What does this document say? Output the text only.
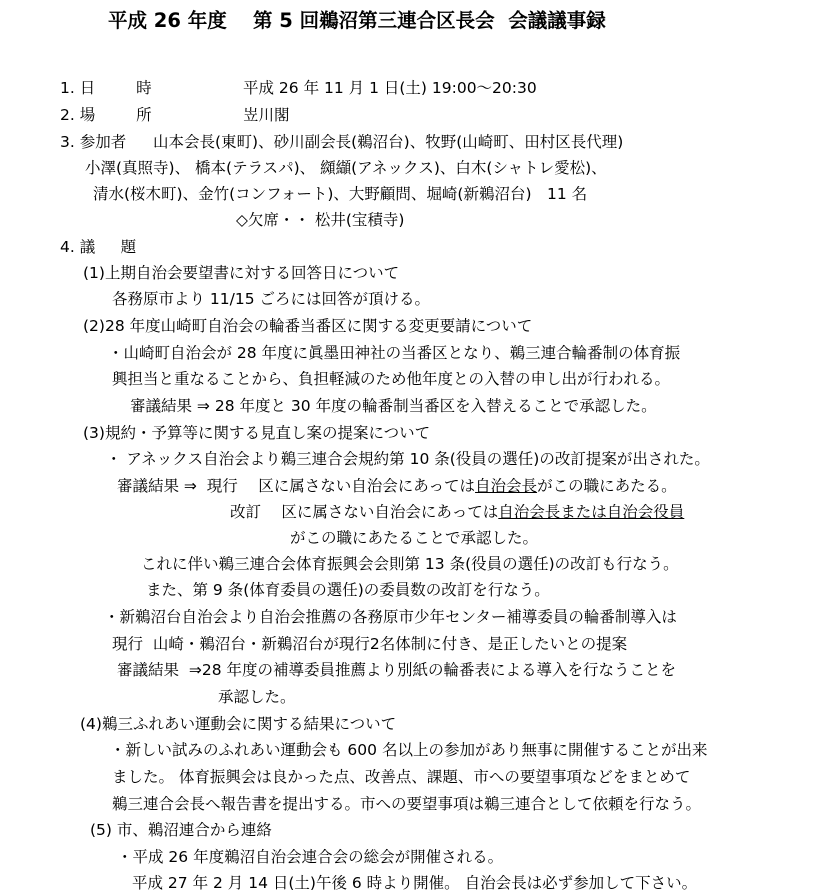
平成 26 年度　 第 5 回鵜沼第三連合区長会  会議議事録
1. 日　　  時	平成 26 年 11 月 1 日(土) 19:00～20:30
2. 場　　  所	岦川閣
3. 参加者 山本会長(東町)、砂川副会長(鵜沼台)、牧野(山崎町、田村区長代理)
小澤(真照寺)、 橋本(テラスパ)、 纐纈(アネックス)、白木(シャトレ愛松)、
清水(桜木町)、金竹(コンフォート)、大野顧問、堀崎(新鵜沼台)　11 名
◇欠席・・ 松井(宝積寺)
4. 議　  題
(1)上期自治会要望書に対する回答日について
各務原市より 11/15 ごろには回答が頂ける。
(2)28 年度山崎町自治会の輪番当番区に関する変更要請について
・山崎町自治会が 28 年度に眞墨田神社の当番区となり、鵜三連合輪番制の体育振
興担当と重なることから、負担軽減のため他年度との入替の申し出が行われる。
審議結果 ⇒ 28 年度と 30 年度の輪番制当番区を入替えることで承認した。
(3)規約・予算等に関する見直し案の提案について
・ アネックス自治会より鵜三連合会規約第 10 条(役員の選任)の改訂提案が出された。
審議結果 ⇒  現行　 区に属さない自治会にあっては自治会長がこの職にあたる。
改訂　 区に属さない自治会にあっては自治会長または自治会役員
がこの職にあたることで承認した。
これに伴い鵜三連合会体育振興会会則第 13 条(役員の選任)の改訂も行なう。
また、第 9 条(体育委員の選任)の委員数の改訂を行なう。
・新鵜沼台自治会より自治会推薦の各務原市少年センター補導委員の輪番制導入は
現行  山崎・鵜沼台・新鵜沼台が現行2名体制に付き、是正したいとの提案
審議結果  ⇒28 年度の補導委員推薦より別紙の輪番表による導入を行なうことを
承認した。
(4)鵜三ふれあい運動会に関する結果について
・新しい試みのふれあい運動会も 600 名以上の参加があり無事に開催することが出来
ました。 体育振興会は良かった点、改善点、課題、市への要望事項などをまとめて
鵜三連合会長へ報告書を提出する。市への要望事項は鵜三連合として依頼を行なう。
(5) 市、鵜沼連合から連絡
・平成 26 年度鵜沼自治会連合会の総会が開催される。
平成 27 年 2 月 14 日(土)午後 6 時より開催。 自治会長は必ず参加して下さい。
